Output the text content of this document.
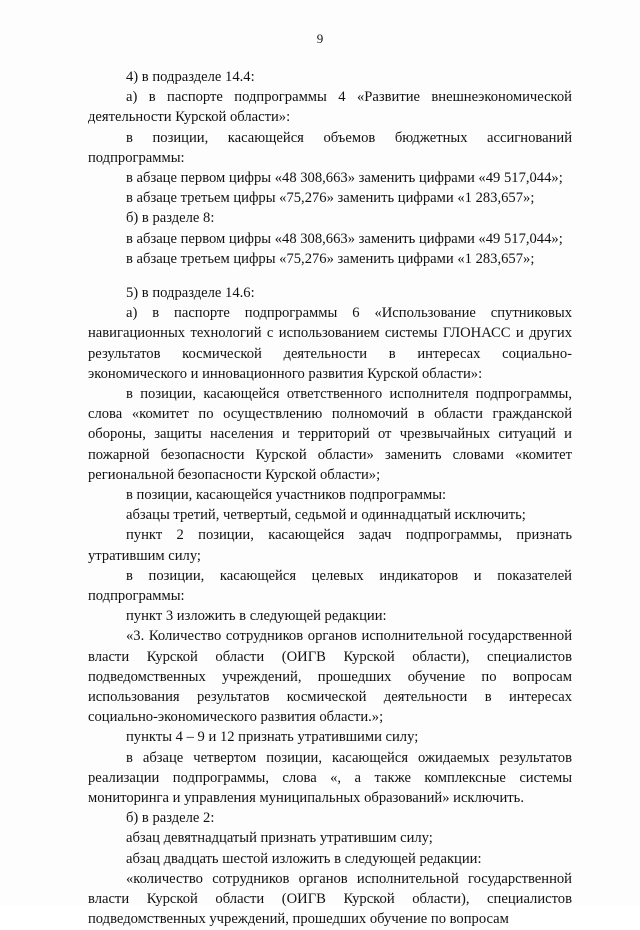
9

4) в подразделе 14.4:

а) в паспорте подпрограммы 4 «Развитие внешнеэкономической деятельности Курской области»:

в позиции, касающейся объемов бюджетных ассигнований подпрограммы:

в абзаце первом цифры «48 308,663» заменить цифрами «49 517,044»;

в абзаце третьем цифры «75,276» заменить цифрами «1 283,657»;

б) в разделе 8:

в абзаце первом цифры «48 308,663» заменить цифрами «49 517,044»;

в абзаце третьем цифры «75,276» заменить цифрами «1 283,657»;

5) в подразделе 14.6:

а) в паспорте подпрограммы 6 «Использование спутниковых навигационных технологий с использованием системы ГЛОНАСС и других результатов космической деятельности в интересах социально-экономического и инновационного развития Курской области»:

в позиции, касающейся ответственного исполнителя подпрограммы, слова «комитет по осуществлению полномочий в области гражданской обороны, защиты населения и территорий от чрезвычайных ситуаций и пожарной безопасности Курской области» заменить словами «комитет региональной безопасности Курской области»;

в позиции, касающейся участников подпрограммы:

абзацы третий, четвертый, седьмой и одиннадцатый исключить;

пункт 2 позиции, касающейся задач подпрограммы, признать утратившим силу;

в позиции, касающейся целевых индикаторов и показателей подпрограммы:

пункт 3 изложить в следующей редакции:

«3. Количество сотрудников органов исполнительной государственной власти Курской области (ОИГВ Курской области), специалистов подведомственных учреждений, прошедших обучение по вопросам использования результатов космической деятельности в интересах социально-экономического развития области.»;

пункты 4 – 9 и 12 признать утратившими силу;

в абзаце четвертом позиции, касающейся ожидаемых результатов реализации подпрограммы, слова «, а также комплексные системы мониторинга и управления муниципальных образований» исключить.

б) в разделе 2:

абзац девятнадцатый признать утратившим силу;

абзац двадцать шестой изложить в следующей редакции:

«количество сотрудников органов исполнительной государственной власти Курской области (ОИГВ Курской области), специалистов подведомственных учреждений, прошедших обучение по вопросам
